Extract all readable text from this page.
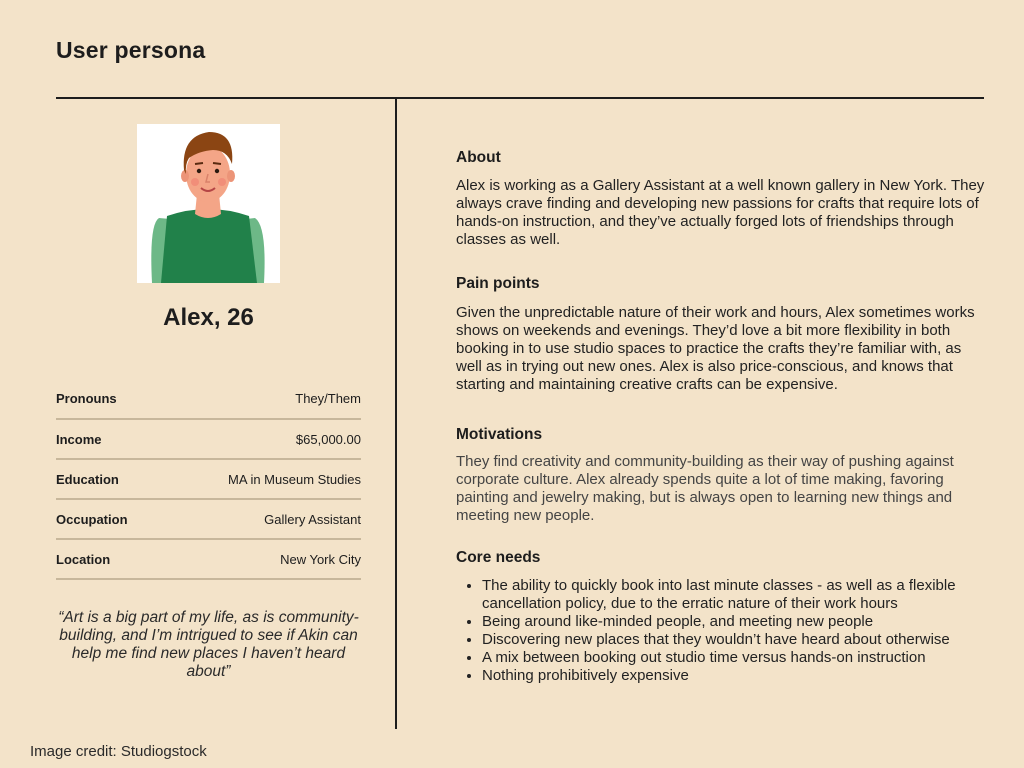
User persona
Alex, 26
Pronouns	They/Them
Income	$65,000.00
Education	MA in Museum Studies
Occupation	Gallery Assistant
Location	New York City
“Art is a big part of my life, as is community-building, and I’m intrigued to see if Akin can help me find new places I haven’t heard about”
Image credit: Studiogstock
About

Alex is working as a Gallery Assistant at a well known gallery in New York. They always crave finding and developing new passions for crafts that require lots of hands-on instruction, and they’ve actually forged lots of friendships through classes as well.

Pain points

Given the unpredictable nature of their work and hours, Alex sometimes works shows on weekends and evenings. They’d love a bit more flexibility in both booking in to use studio spaces to practice the crafts they’re familiar with, as well as in trying out new ones. Alex is also price-conscious, and knows that starting and maintaining creative crafts can be expensive.

Motivations

They find creativity and community-building as their way of pushing against corporate culture. Alex already spends quite a lot of time making, favoring painting and jewelry making, but is always open to learning new things and meeting new people.

Core needs
• The ability to quickly book into last minute classes - as well as a flexible cancellation policy, due to the erratic nature of their work hours
• Being around like-minded people, and meeting new people
• Discovering new places that they wouldn’t have heard about otherwise
• A mix between booking out studio time versus hands-on instruction
• Nothing prohibitively expensive
